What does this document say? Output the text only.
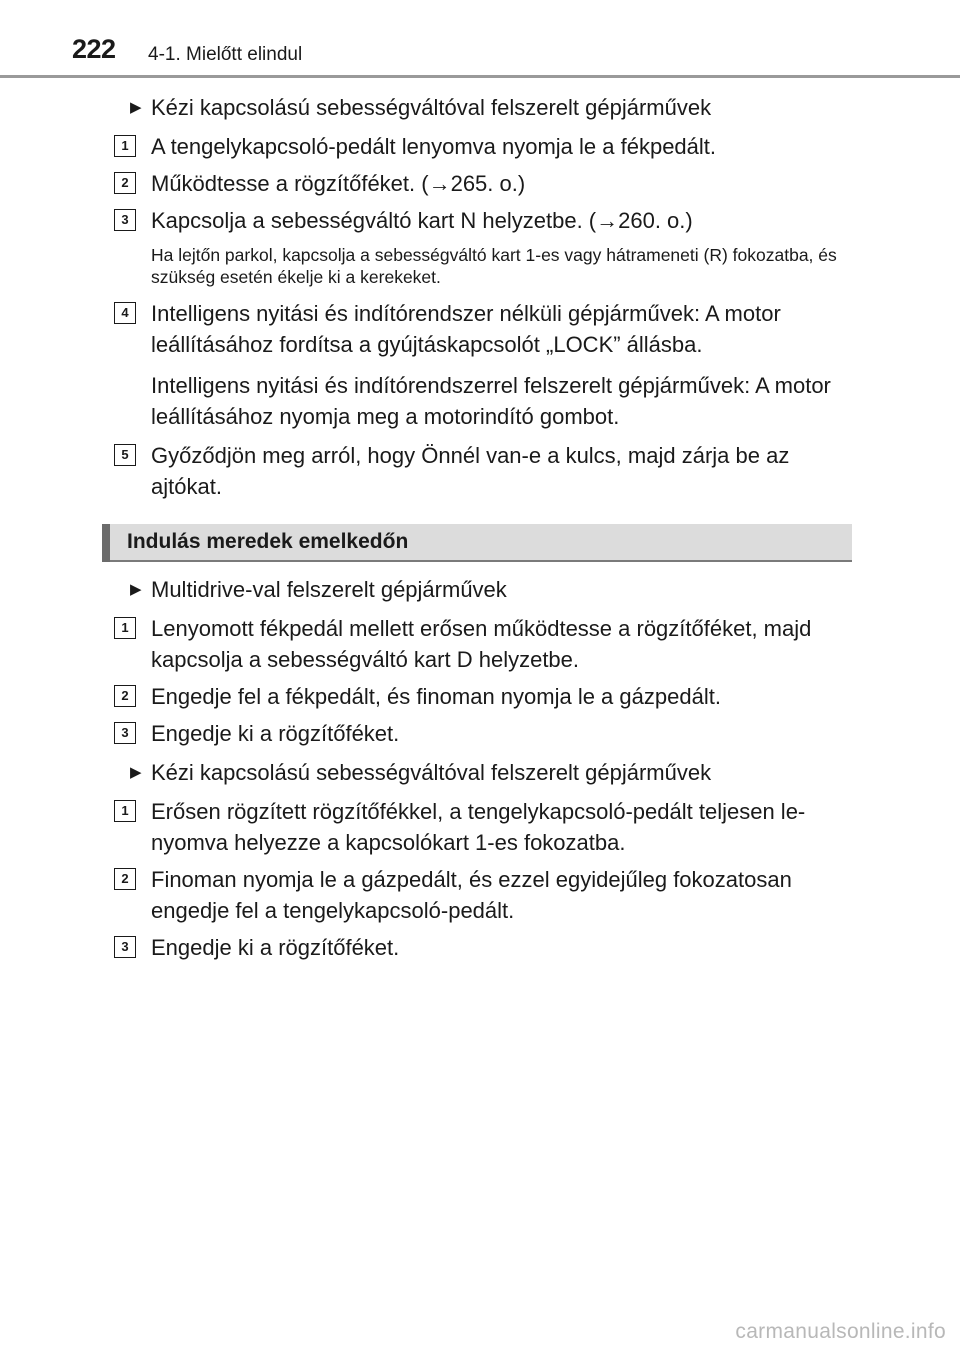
222 4-1. Mielőtt elindul
▶ Kézi kapcsolású sebességváltóval felszerelt gépjárművek
1	A tengelykapcsoló-pedált lenyomva nyomja le a fékpedált.
2	Működtesse a rögzítőféket. (→265. o.)
3	Kapcsolja a sebességváltó kart N helyzetbe. (→260. o.)
Ha lejtőn parkol, kapcsolja a sebességváltó kart 1-es vagy hátrameneti (R) fokozatba, és szükség esetén ékelje ki a kerekeket.
4	Intelligens nyitási és indítórendszer nélküli gépjárművek: A motor leállításához fordítsa a gyújtáskapcsolót „LOCK” állásba.
Intelligens nyitási és indítórendszerrel felszerelt gépjárművek: A motor leállításához nyomja meg a motorindító gombot.
5	Győződjön meg arról, hogy Önnél van-e a kulcs, majd zárja be az ajtókat.
Indulás meredek emelkedőn
▶ Multidrive-val felszerelt gépjárművek
1	Lenyomott fékpedál mellett erősen működtesse a rögzítőféket, majd kapcsolja a sebességváltó kart D helyzetbe.
2	Engedje fel a fékpedált, és finoman nyomja le a gázpedált.
3	Engedje ki a rögzítőféket.
▶ Kézi kapcsolású sebességváltóval felszerelt gépjárművek
1	Erősen rögzített rögzítőfékkel, a tengelykapcsoló-pedált teljesen le-nyomva helyezze a kapcsolókart 1-es fokozatba.
2	Finoman nyomja le a gázpedált, és ezzel egyidejűleg fokozatosan engedje fel a tengelykapcsoló-pedált.
3	Engedje ki a rögzítőféket.
carmanualsonline.info
